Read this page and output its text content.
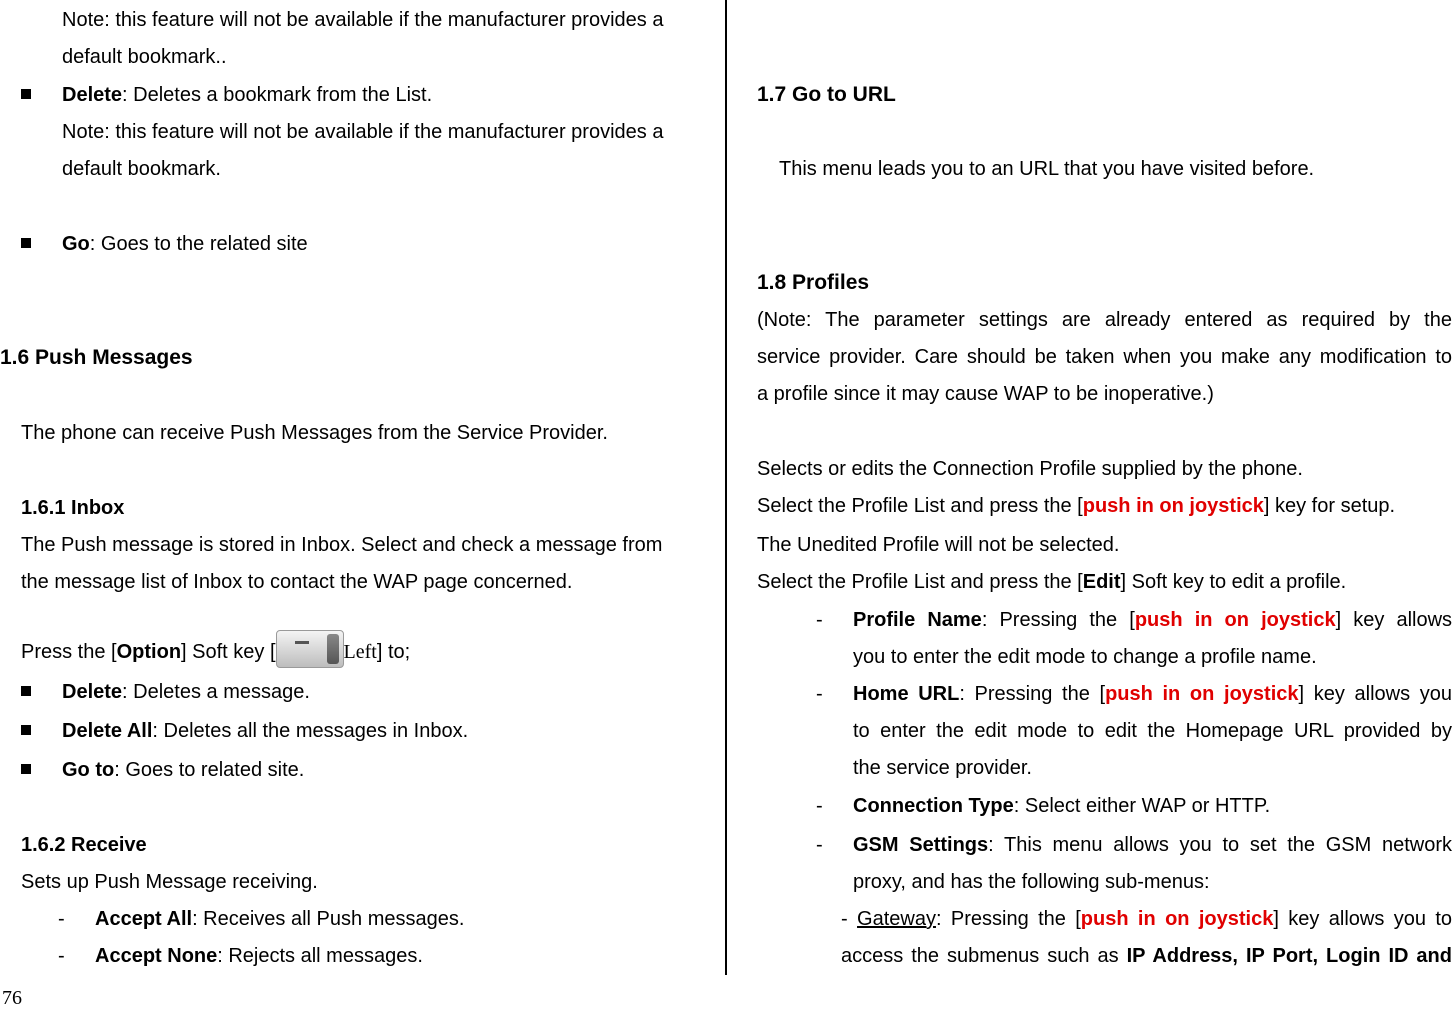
Note: this feature will not be available if the manufacturer provides a
default bookmark..
Delete: Deletes a bookmark from the List.
Note: this feature will not be available if the manufacturer provides a
default bookmark.
Go: Goes to the related site
1.6 Push Messages
The phone can receive Push Messages from the Service Provider.
1.6.1 Inbox
The Push message is stored in Inbox. Select and check a message from
the message list of Inbox to contact the WAP page concerned.
Press the [Option] Soft key [	Left] to;
Delete: Deletes a message.
Delete All: Deletes all the messages in Inbox.
Go to: Goes to related site.
1.6.2 Receive
Sets up Push Message receiving.
- Accept All: Receives all Push messages.
- Accept None: Rejects all messages.
76
1.7 Go to URL
This menu leads you to an URL that you have visited before.
1.8 Profiles
(Note: The parameter settings are already entered as required by the
service provider. Care should be taken when you make any modification to
a profile since it may cause WAP to be inoperative.)
Selects or edits the Connection Profile supplied by the phone.
Select the Profile List and press the [push in on joystick] key for setup.
The Unedited Profile will not be selected.
Select the Profile List and press the [Edit] Soft key to edit a profile.
- Profile Name: Pressing the [push in on joystick] key allows
you to enter the edit mode to change a profile name.
- Home URL: Pressing the [push in on joystick] key allows you
to enter the edit mode to edit the Homepage URL provided by
the service provider.
- Connection Type: Select either WAP or HTTP.
- GSM Settings: This menu allows you to set the GSM network
proxy, and has the following sub-menus:
- Gateway: Pressing the [push in on joystick] key allows you to
access the submenus such as IP Address, IP Port, Login ID and
